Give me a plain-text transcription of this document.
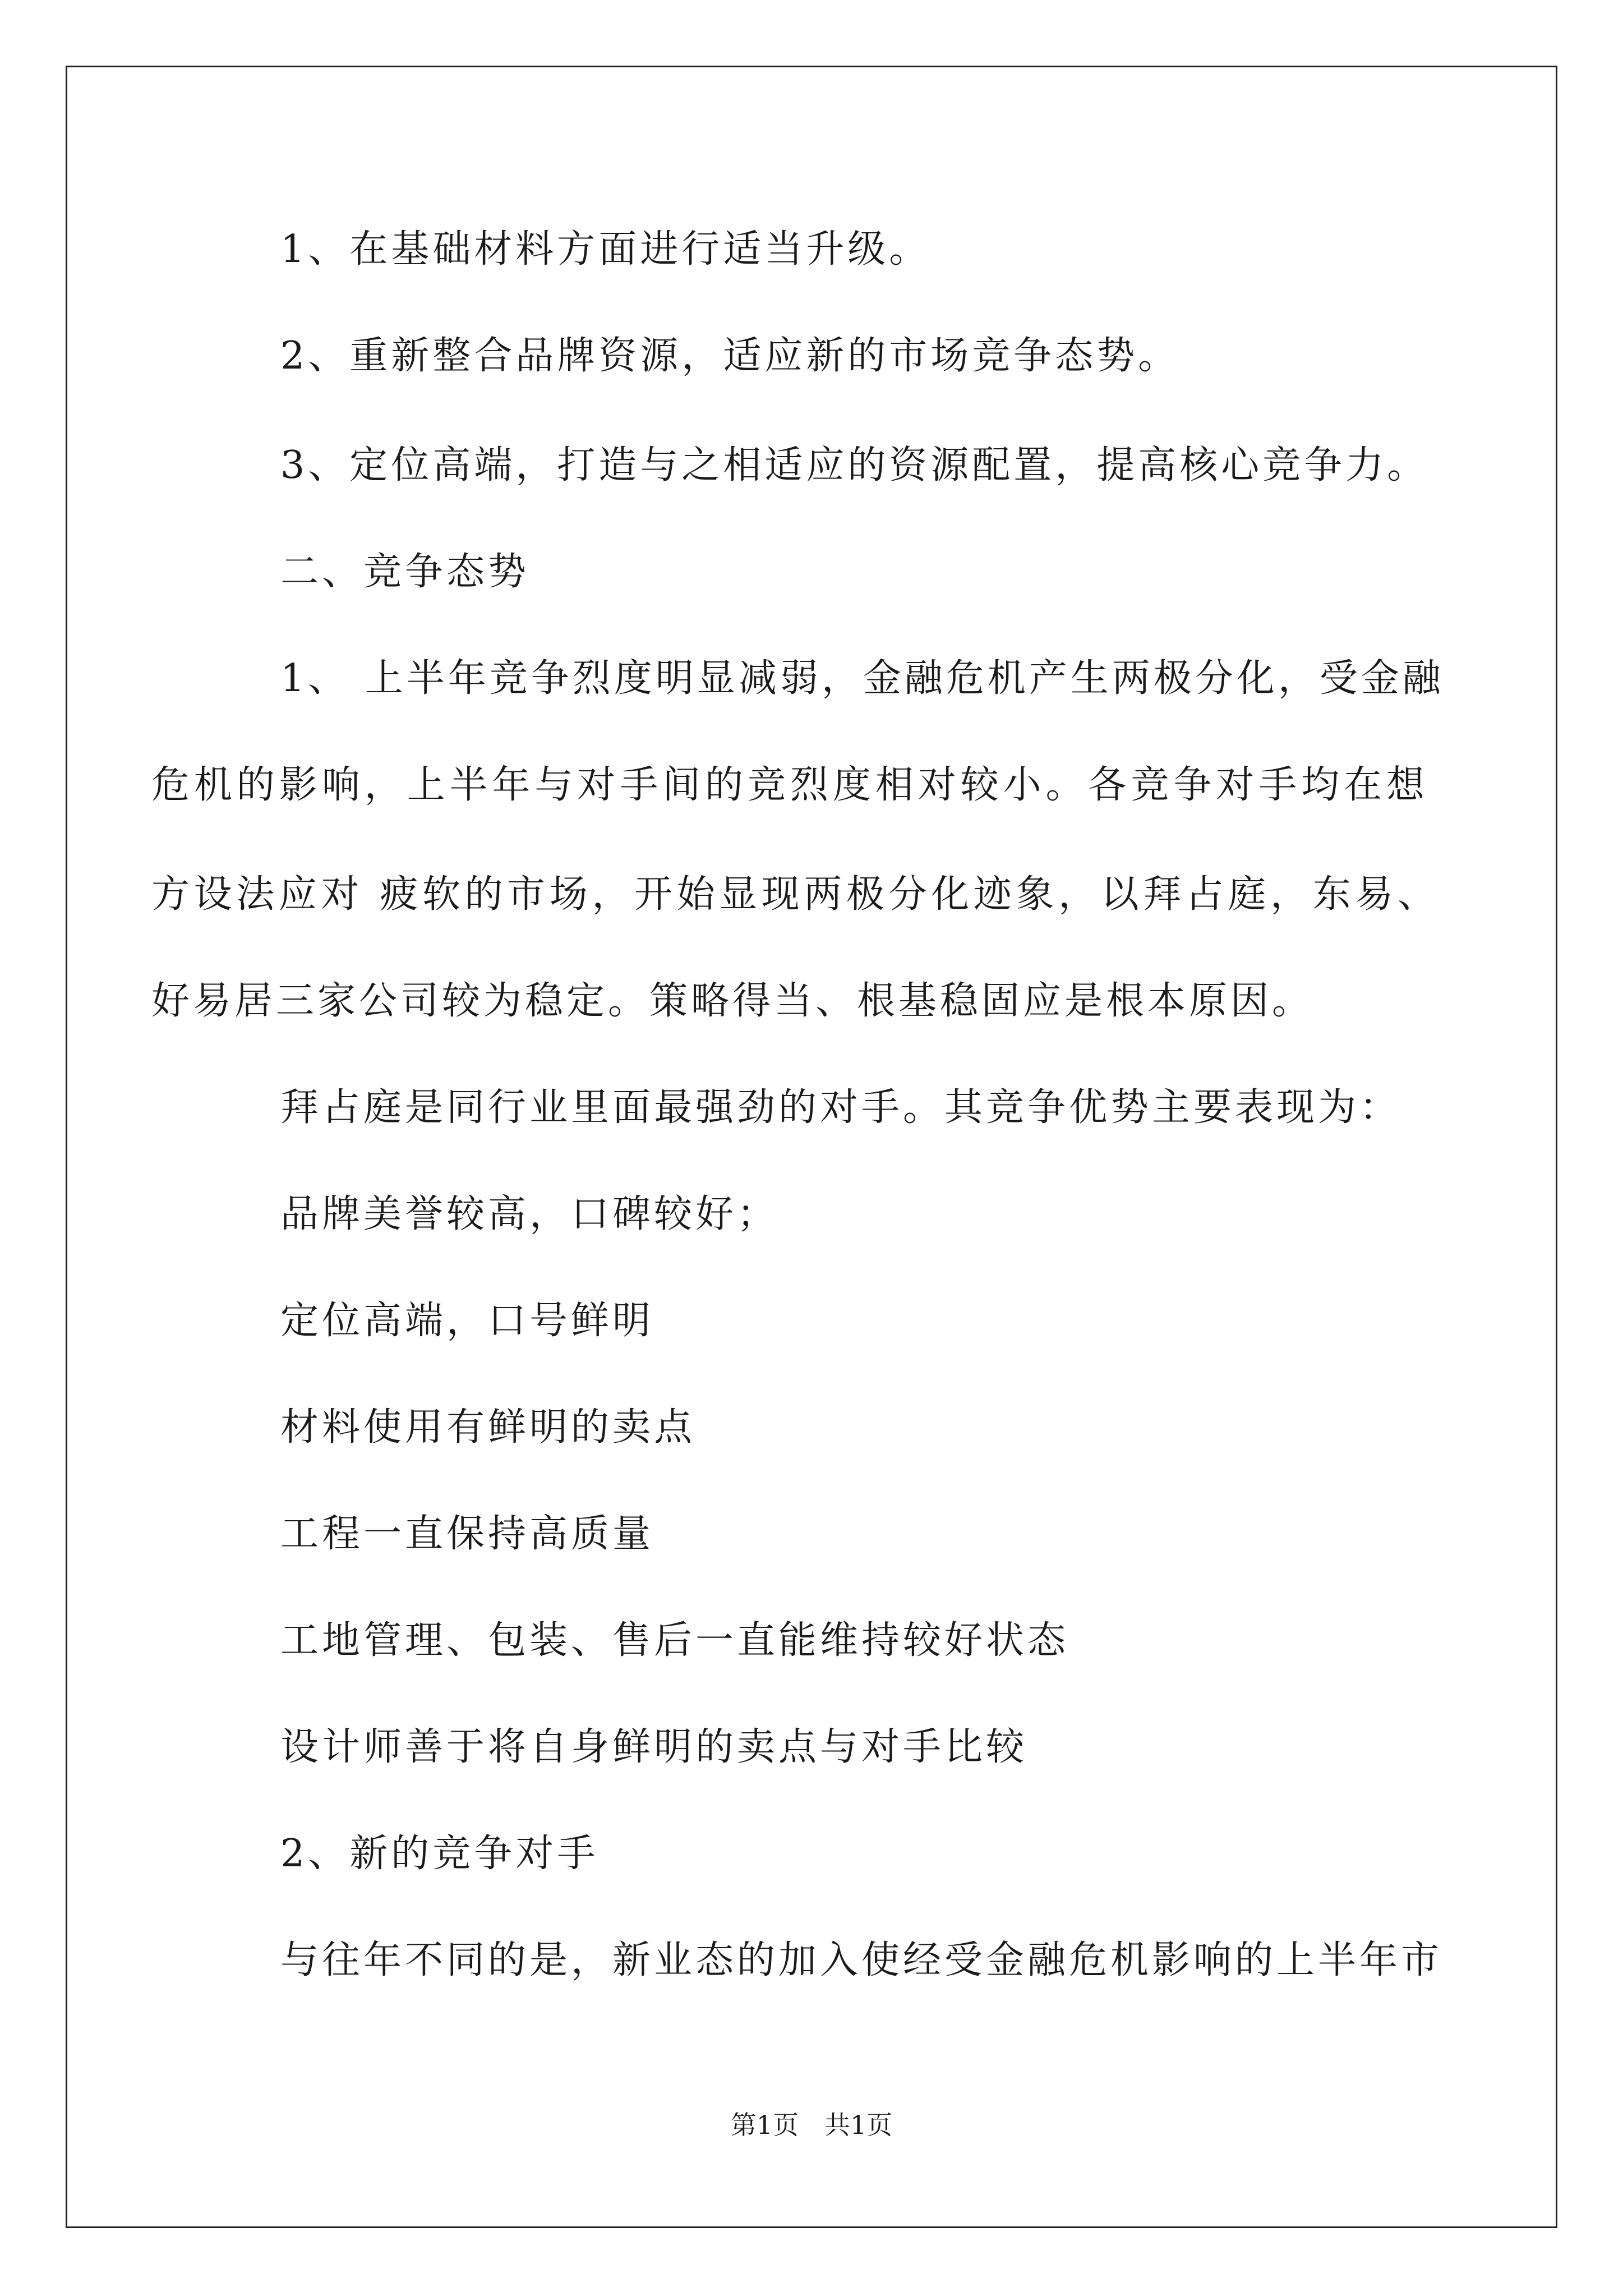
1、在基础材料方面进行适当升级。
2、重新整合品牌资源，适应新的市场竞争态势。
3、定位高端，打造与之相适应的资源配置，提高核心竞争力。
二、竞争态势
1、 上半年竞争烈度明显减弱，金融危机产生两极分化，受金融
危机的影响，上半年与对手间的竞烈度相对较小。各竞争对手均在想
方设法应对 疲软的市场，开始显现两极分化迹象，以拜占庭，东易、
好易居三家公司较为稳定。策略得当、根基稳固应是根本原因。
拜占庭是同行业里面最强劲的对手。其竞争优势主要表现为：
品牌美誉较高，口碑较好；
定位高端，口号鲜明
材料使用有鲜明的卖点
工程一直保持高质量
工地管理、包装、售后一直能维持较好状态
设计师善于将自身鲜明的卖点与对手比较
2、新的竞争对手
与往年不同的是，新业态的加入使经受金融危机影响的上半年市
第1页　共1页
